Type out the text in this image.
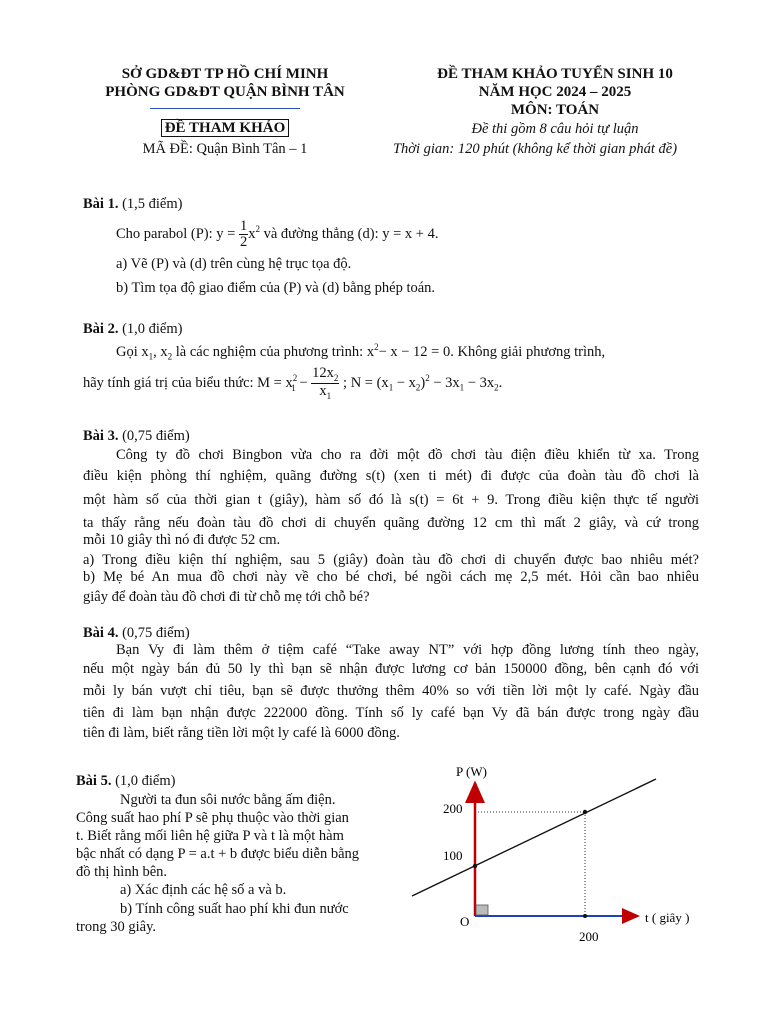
SỞ GD&ĐT TP HỒ CHÍ MINH
PHÒNG GD&ĐT QUẬN BÌNH TÂN
ĐỀ THAM KHẢO
MÃ ĐỀ: Quận Bình Tân – 1
ĐỀ THAM KHẢO TUYỂN SINH 10
NĂM HỌC 2024 – 2025
MÔN: TOÁN
Đề thi gồm 8 câu hỏi tự luận
Thời gian: 120 phút (không kể thời gian phát đề)
Bài 1. (1,5 điểm)
Cho parabol (P): $y = \frac{1}{2} x^2$ và đường thẳng (d): y = x + 4.
a) Vẽ (P) và (d) trên cùng hệ trục tọa độ.
b) Tìm tọa độ giao điểm của (P) và (d) bằng phép toán.
Bài 2. (1,0 điểm)
Gọi $x_1$, $x_2$ là các nghiệm của phương trình: $x^2- x - 12 = 0$. Không giải phương trình,
hãy tính giá trị của biểu thức: $M = x^2_1 - \frac{12x_2}{x_1}$ ; $N = (x_1 - x_2)^2 - 3x_1 - 3x_2$.
Bài 3. (0,75 điểm)
Công ty đồ chơi Bingbon vừa cho ra đời một đồ chơi tàu điện điều khiển từ xa. Trong
điều kiện phòng thí nghiệm, quãng đường s(t) (xen ti mét) đi được của đoàn tàu đồ chơi là
một hàm số của thời gian t (giây), hàm số đó là s(t) = 6t + 9. Trong điều kiện thực tế người
ta thấy rằng nếu đoàn tàu đồ chơi di chuyển quãng đường 12 cm thì mất 2 giây, và cứ trong
mỗi 10 giây thì nó đi được 52 cm.
a) Trong điều kiện thí nghiệm, sau 5 (giây) đoàn tàu đồ chơi di chuyển được bao nhiêu mét?
b) Mẹ bé An mua đồ chơi này về cho bé chơi, bé ngồi cách mẹ 2,5 mét. Hỏi cần bao nhiêu
giây để đoàn tàu đồ chơi đi từ chỗ mẹ tới chỗ bé?
Bài 4. (0,75 điểm)
Bạn Vy đi làm thêm ở tiệm café “Take away NT” với hợp đồng lương tính theo ngày,
nếu một ngày bán đủ 50 ly thì bạn sẽ nhận được lương cơ bản 150000 đồng, bên cạnh đó với
mỗi ly bán vượt chỉ tiêu, bạn sẽ được thưởng thêm 40% so với tiền lời một ly café. Ngày đầu
tiên đi làm bạn nhận được 222000 đồng. Tính số ly café bạn Vy đã bán được trong ngày đầu
tiên đi làm, biết rằng tiền lời một ly café là 6000 đồng.
Bài 5. (1,0 điểm)
Người ta đun sôi nước bằng ấm điện.
Công suất hao phí P sẽ phụ thuộc vào thời gian
t. Biết rằng mối liên hệ giữa P và t là một hàm
bậc nhất có dạng P = a.t + b được biểu diễn bằng
đồ thị hình bên.
a) Xác định các hệ số a và b.
b) Tính công suất hao phí khi đun nước
trong 30 giây.
P (W)
200
100
O	t ( giây )
200
